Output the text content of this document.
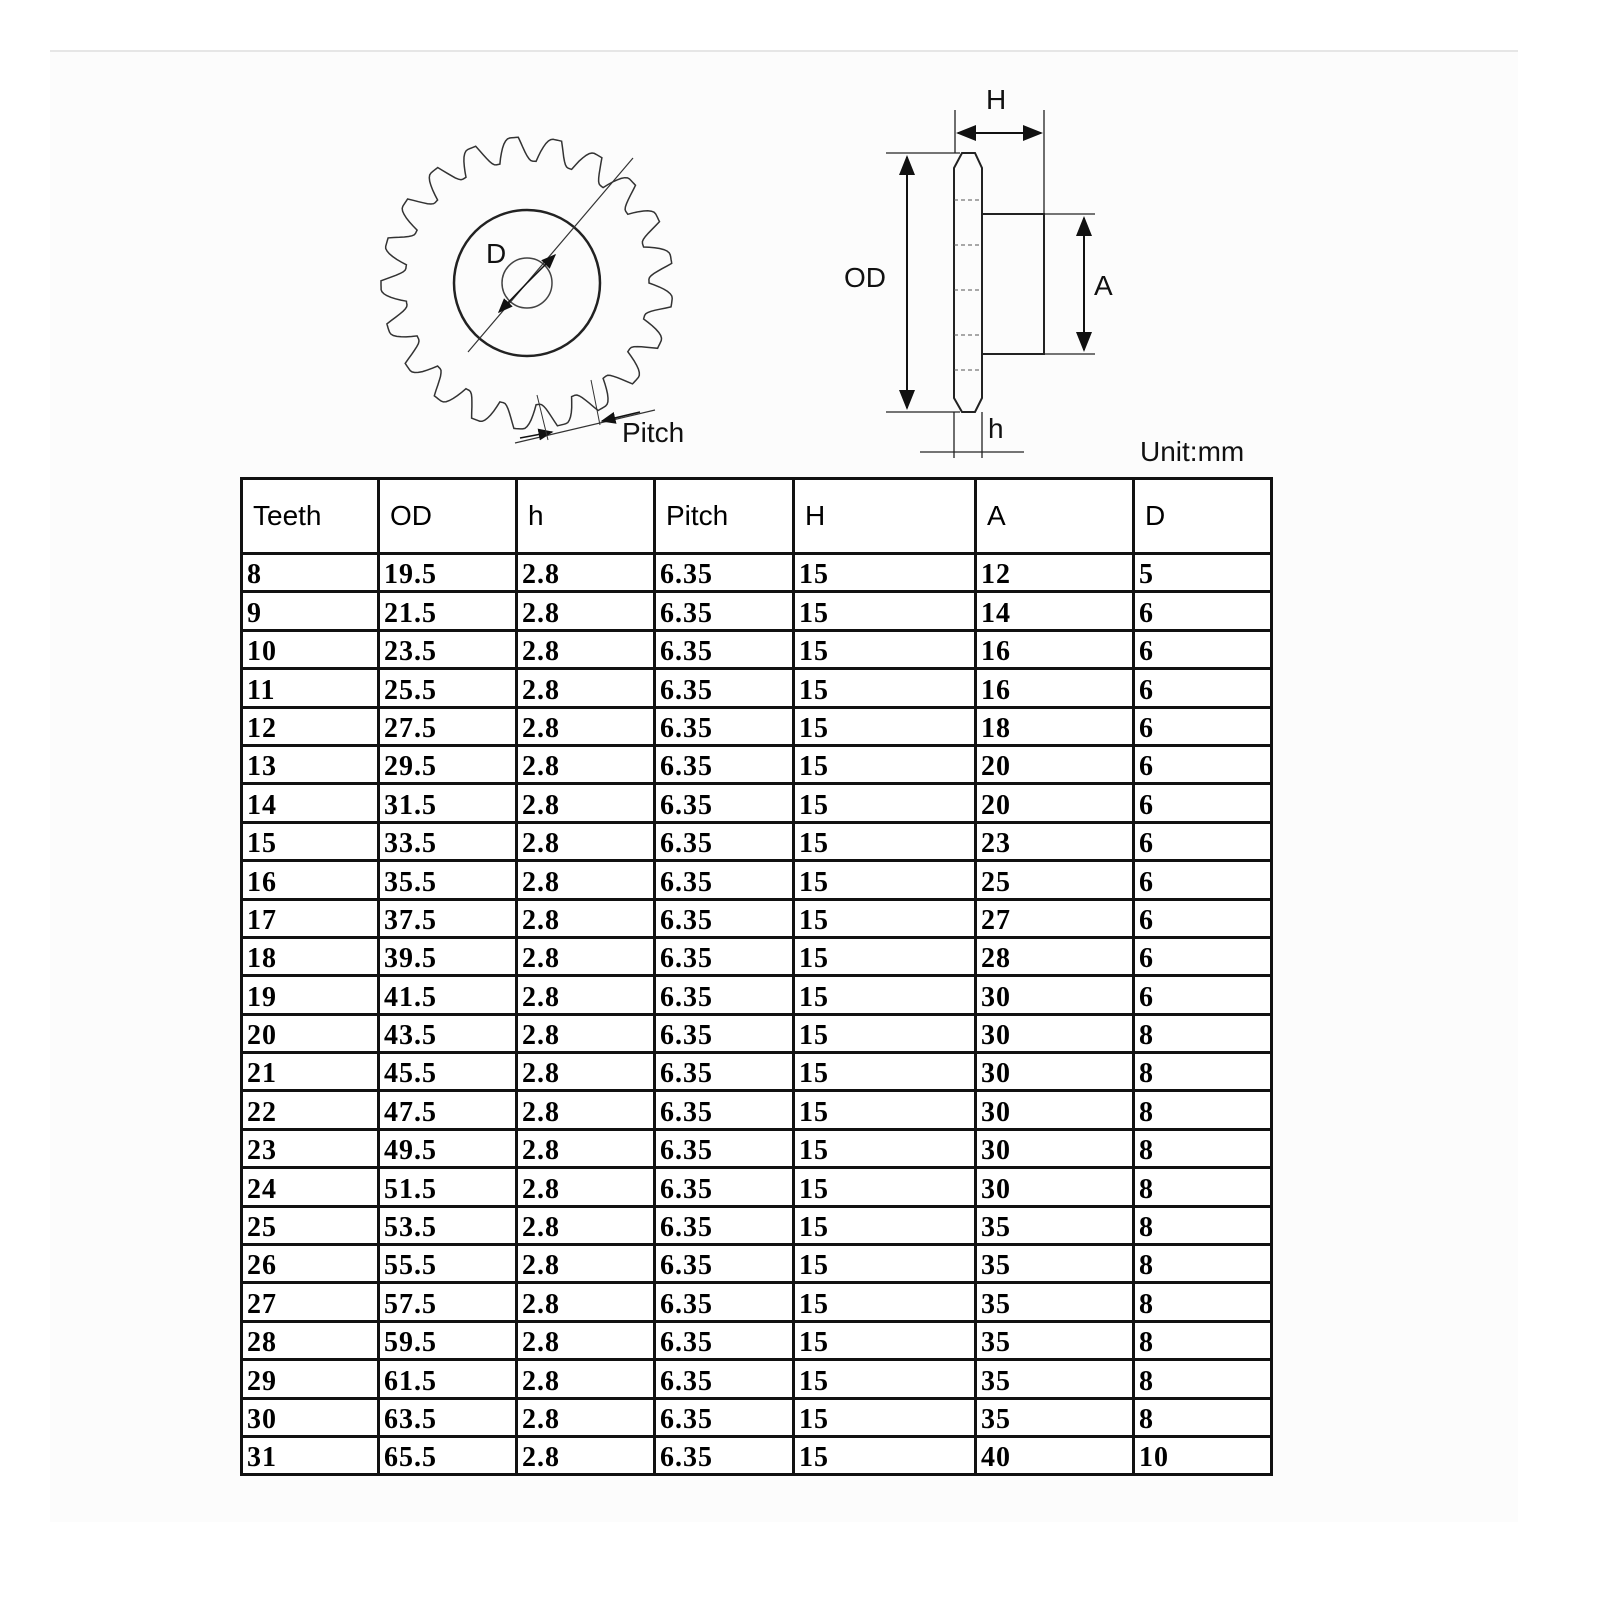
D
Pitch
H
OD	A
h
Unit:mm
Teeth	OD	h	Pitch	H	A	D
8	19.5	2.8	6.35	15	12	5
9	21.5	2.8	6.35	15	14	6
10	23.5	2.8	6.35	15	16	6
11	25.5	2.8	6.35	15	16	6
12	27.5	2.8	6.35	15	18	6
13	29.5	2.8	6.35	15	20	6
14	31.5	2.8	6.35	15	20	6
15	33.5	2.8	6.35	15	23	6
16	35.5	2.8	6.35	15	25	6
17	37.5	2.8	6.35	15	27	6
18	39.5	2.8	6.35	15	28	6
19	41.5	2.8	6.35	15	30	6
20	43.5	2.8	6.35	15	30	8
21	45.5	2.8	6.35	15	30	8
22	47.5	2.8	6.35	15	30	8
23	49.5	2.8	6.35	15	30	8
24	51.5	2.8	6.35	15	30	8
25	53.5	2.8	6.35	15	35	8
26	55.5	2.8	6.35	15	35	8
27	57.5	2.8	6.35	15	35	8
28	59.5	2.8	6.35	15	35	8
29	61.5	2.8	6.35	15	35	8
30	63.5	2.8	6.35	15	35	8
31	65.5	2.8	6.35	15	40	10
